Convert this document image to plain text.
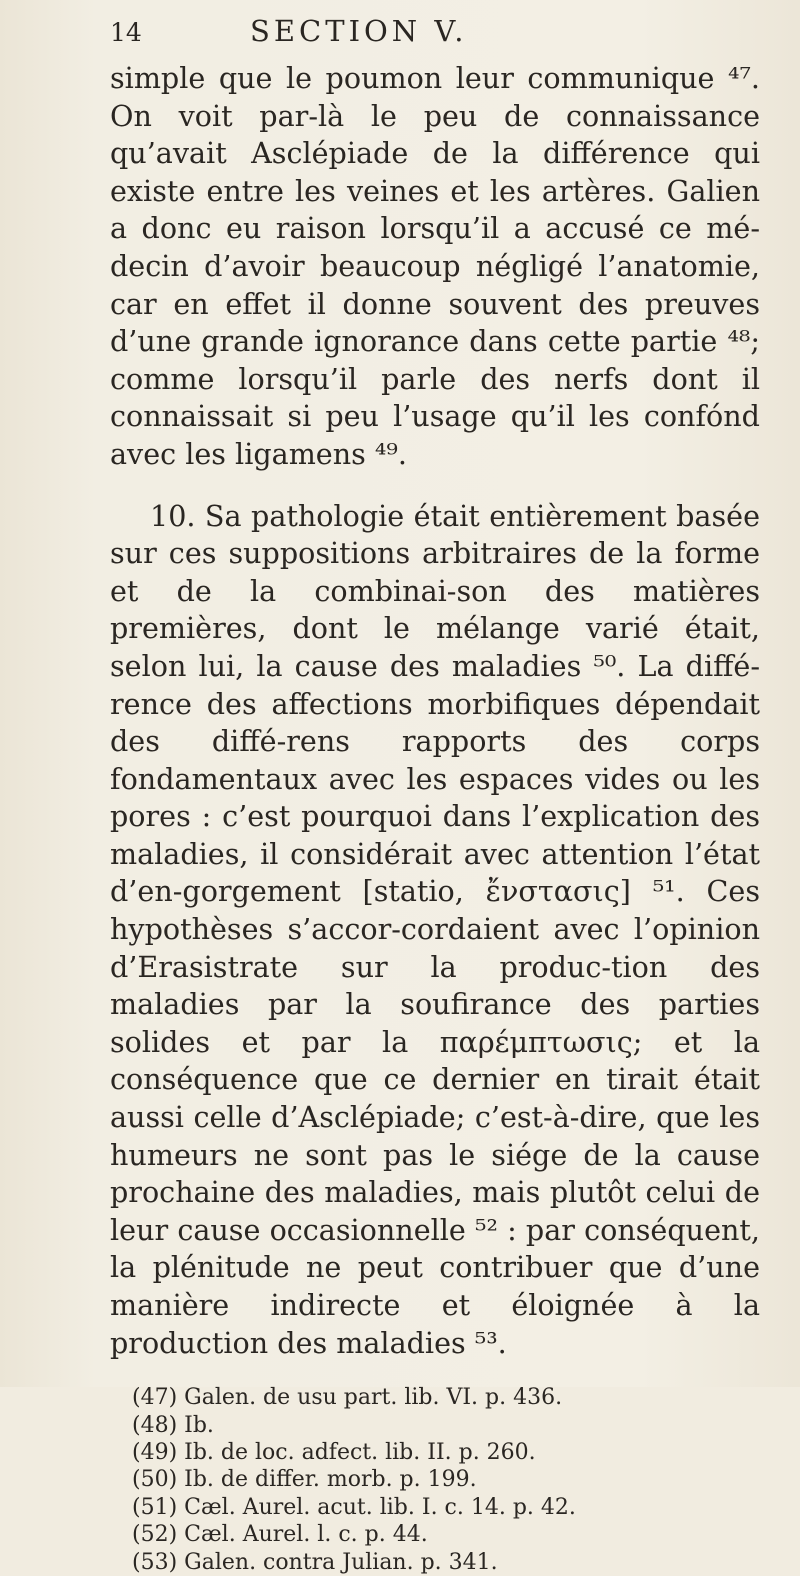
14	SECTION V.

simple que le poumon leur communique ⁴⁷. On voit par-là le peu de connaissance qu’avait Asclépiade de la différence qui existe entre les veines et les artères. Galien a donc eu raison lorsqu’il a accusé ce mé-decin d’avoir beaucoup négligé l’anatomie, car en effet il donne souvent des preuves d’une grande ignorance dans cette partie ⁴⁸; comme lorsqu’il parle des nerfs dont il connaissait si peu l’usage qu’il les confónd avec les ligamens ⁴⁹.

10. Sa pathologie était entièrement basée sur ces suppositions arbitraires de la forme et de la combinai-son des matières premières, dont le mélange varié était, selon lui, la cause des maladies ⁵⁰. La diffé-rence des affections morbifiques dépendait des diffé-rens rapports des corps fondamentaux avec les espaces vides ou les pores : c’est pourquoi dans l’explication des maladies, il considérait avec attention l’état d’en-gorgement [statio, ἔνστασις] ⁵¹. Ces hypothèses s’accor-cordaient avec l’opinion d’Erasistrate sur la produc-tion des maladies par la soufirance des parties solides et par la παρέμπτωσις; et la conséquence que ce dernier en tirait était aussi celle d’Asclépiade; c’est-à-dire, que les humeurs ne sont pas le siége de la cause prochaine des maladies, mais plutôt celui de leur cause occasionnelle ⁵² : par conséquent, la plénitude ne peut contribuer que d’une manière indirecte et éloignée à la production des maladies ⁵³.

(47) Galen. de usu part. lib. VI. p. 436.

(48) Ib.

(49) Ib. de loc. adfect. lib. II. p. 260.

(50) Ib. de differ. morb. p. 199.

(51) Cæl. Aurel. acut. lib. I. c. 14. p. 42.

(52) Cæl. Aurel. l. c. p. 44.

(53) Galen. contra Julian. p. 341.
